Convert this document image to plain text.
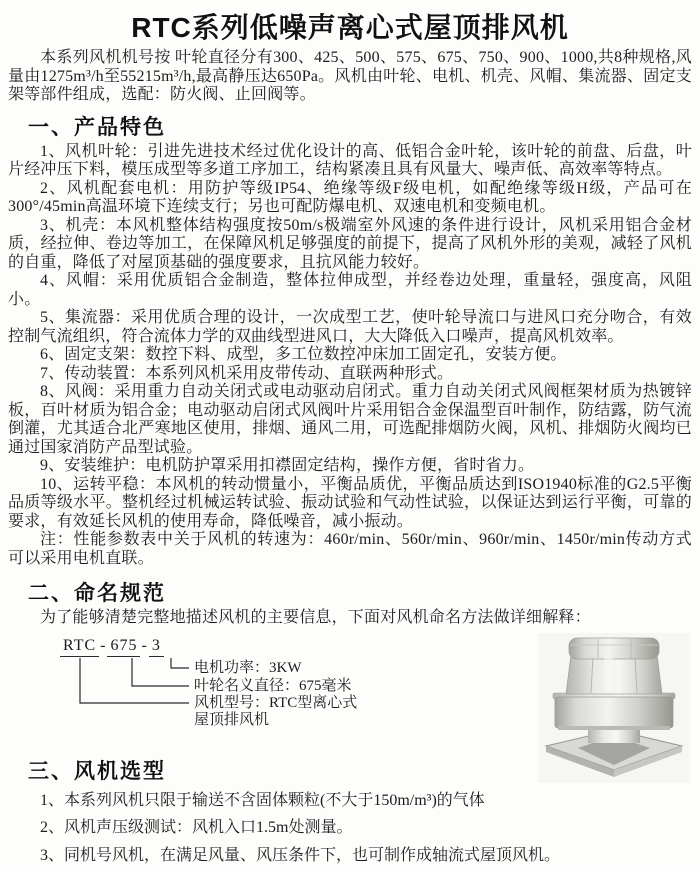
RTC系列低噪声离心式屋顶排风机

本系列风机机号按 叶轮直径分有300、425、500、575、675、750、900、1000,共8种规格,风量由1275m³/h至55215m³/h,最高静压达650Pa。风机由叶轮、电机、机壳、风帽、集流器、固定支架等部件组成，选配：防火阀、止回阀等。

一、产品特色

1、风机叶轮：引进先进技术经过优化设计的高、低铝合金叶轮，该叶轮的前盘、后盘，叶片经冲压下料，模压成型等多道工序加工，结构紧凑且具有风量大、噪声低、高效率等特点。

2、风机配套电机：用防护等级IP54、绝缘等级F级电机，如配绝缘等级H级，产品可在300°/45min高温环境下连续支行；另也可配防爆电机、双速电机和变频电机。

3、机壳：本风机整体结构强度按50m/s极端室外风速的条件进行设计，风机采用铝合金材质，经拉伸、卷边等加工，在保障风机足够强度的前提下，提高了风机外形的美观，减轻了风机的自重，降低了对屋顶基础的强度要求，且抗风能力较好。

4、风帽：采用优质铝合金制造，整体拉伸成型，并经卷边处理，重量轻，强度高，风阻小。

5、集流器：采用优质合理的设计，一次成型工艺，使叶轮导流口与进风口充分吻合，有效控制气流组织，符合流体力学的双曲线型进风口，大大降低入口噪声，提高风机效率。

6、固定支架：数控下料、成型，多工位数控冲床加工固定孔，安装方便。

7、传动装置：本系列风机采用皮带传动、直联两种形式。

8、风阀：采用重力自动关闭式或电动驱动启闭式。重力自动关闭式风阀框架材质为热镀锌板，百叶材质为铝合金；电动驱动启闭式风阀叶片采用铝合金保温型百叶制作，防结露，防气流倒灌，尤其适合北严寒地区使用，排烟、通风二用，可选配排烟防火阀，风机、排烟防火阀均已通过国家消防产品型试验。

9、安装维护：电机防护罩采用扣襟固定结构，操作方便，省时省力。

10、运转平稳：本风机的转动惯量小，平衡品质优，平衡品质达到ISO1940标准的G2.5平衡品质等级水平。整机经过机械运转试验、振动试验和气动性试验，以保证达到运行平衡，可靠的要求，有效延长风机的使用寿命，降低噪音，减小振动。

注：性能参数表中关于风机的转速为：460r/min、560r/min、960r/min、1450r/min传动方式可以采用电机直联。

二、命名规范

为了能够清楚完整地描述风机的主要信息，下面对风机命名方法做详细解释：

RTC - 675 - 3
电机功率：3KW
叶轮名义直径：675毫米
风机型号：RTC型离心式
屋顶排风机
三、风机选型

1、本系列风机只限于输送不含固体颗粒(不大于150m/m³)的气体

2、风机声压级测试：风机入口1.5m处测量。

3、同机号风机，在满足风量、风压条件下，也可制作成轴流式屋顶风机。
